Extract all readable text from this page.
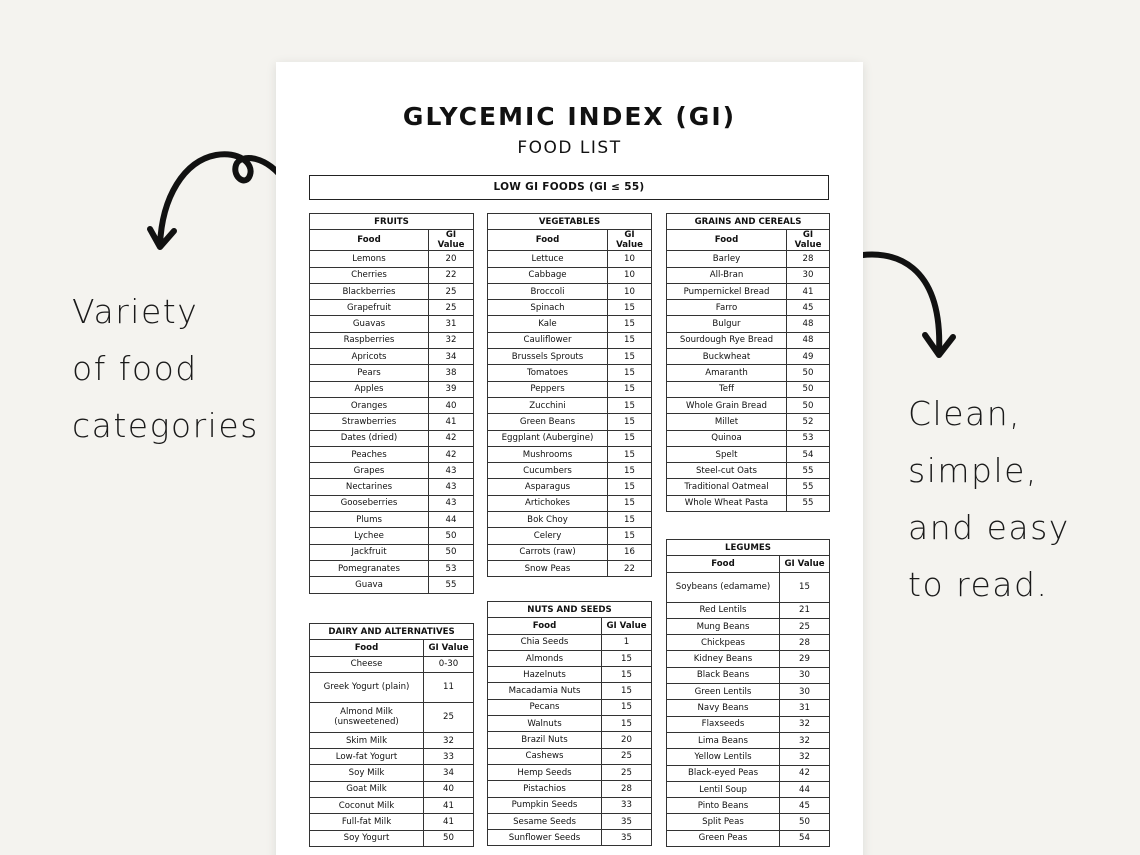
Variety
of food
categories	Clean,
simple,
and easy
to read.
GLYCEMIC INDEX (GI)
FOOD LIST
LOW GI FOODS (GI ≤ 55)
FRUITS	
Food	GI Value
Lemons	20
Cherries	22
Blackberries	25
Grapefruit	25
Guavas	31
Raspberries	32
Apricots	34
Pears	38
Apples	39
Oranges	40
Strawberries	41
Dates (dried)	42
Peaches	42
Grapes	43
Nectarines	43
Gooseberries	43
Plums	44
Lychee	50
Jackfruit	50
Pomegranates	53
Guava	55
VEGETABLES	
Food	GI Value
Lettuce	10
Cabbage	10
Broccoli	10
Spinach	15
Kale	15
Cauliflower	15
Brussels Sprouts	15
Tomatoes	15
Peppers	15
Zucchini	15
Green Beans	15
Eggplant (Aubergine)	15
Mushrooms	15
Cucumbers	15
Asparagus	15
Artichokes	15
Bok Choy	15
Celery	15
Carrots (raw)	16
Snow Peas	22
GRAINS AND CEREALS	
Food	GI Value
Barley	28
All-Bran	30
Pumpernickel Bread	41
Farro	45
Bulgur	48
Sourdough Rye Bread	48
Buckwheat	49
Amaranth	50
Teff	50
Whole Grain Bread	50
Millet	52
Quinoa	53
Spelt	54
Steel-cut Oats	55
Traditional Oatmeal	55
Whole Wheat Pasta	55
LEGUMES	
Food	GI Value
Soybeans (edamame)	15
Red Lentils	21
Mung Beans	25
Chickpeas	28
Kidney Beans	29
Black Beans	30
Green Lentils	30
Navy Beans	31
Flaxseeds	32
Lima Beans	32
Yellow Lentils	32
Black-eyed Peas	42
Lentil Soup	44
Pinto Beans	45
Split Peas	50
Green Peas	54
NUTS AND SEEDS	
Food	GI Value
Chia Seeds	1
Almonds	15
Hazelnuts	15
Macadamia Nuts	15
Pecans	15
Walnuts	15
Brazil Nuts	20
Cashews	25
Hemp Seeds	25
Pistachios	28
Pumpkin Seeds	33
Sesame Seeds	35
Sunflower Seeds	35
DAIRY AND ALTERNATIVES	
Food	GI Value
Cheese	0-30
Greek Yogurt (plain)	11
Almond Milk (unsweetened)	25
Skim Milk	32
Low-fat Yogurt	33
Soy Milk	34
Goat Milk	40
Coconut Milk	41
Full-fat Milk	41
Soy Yogurt	50
